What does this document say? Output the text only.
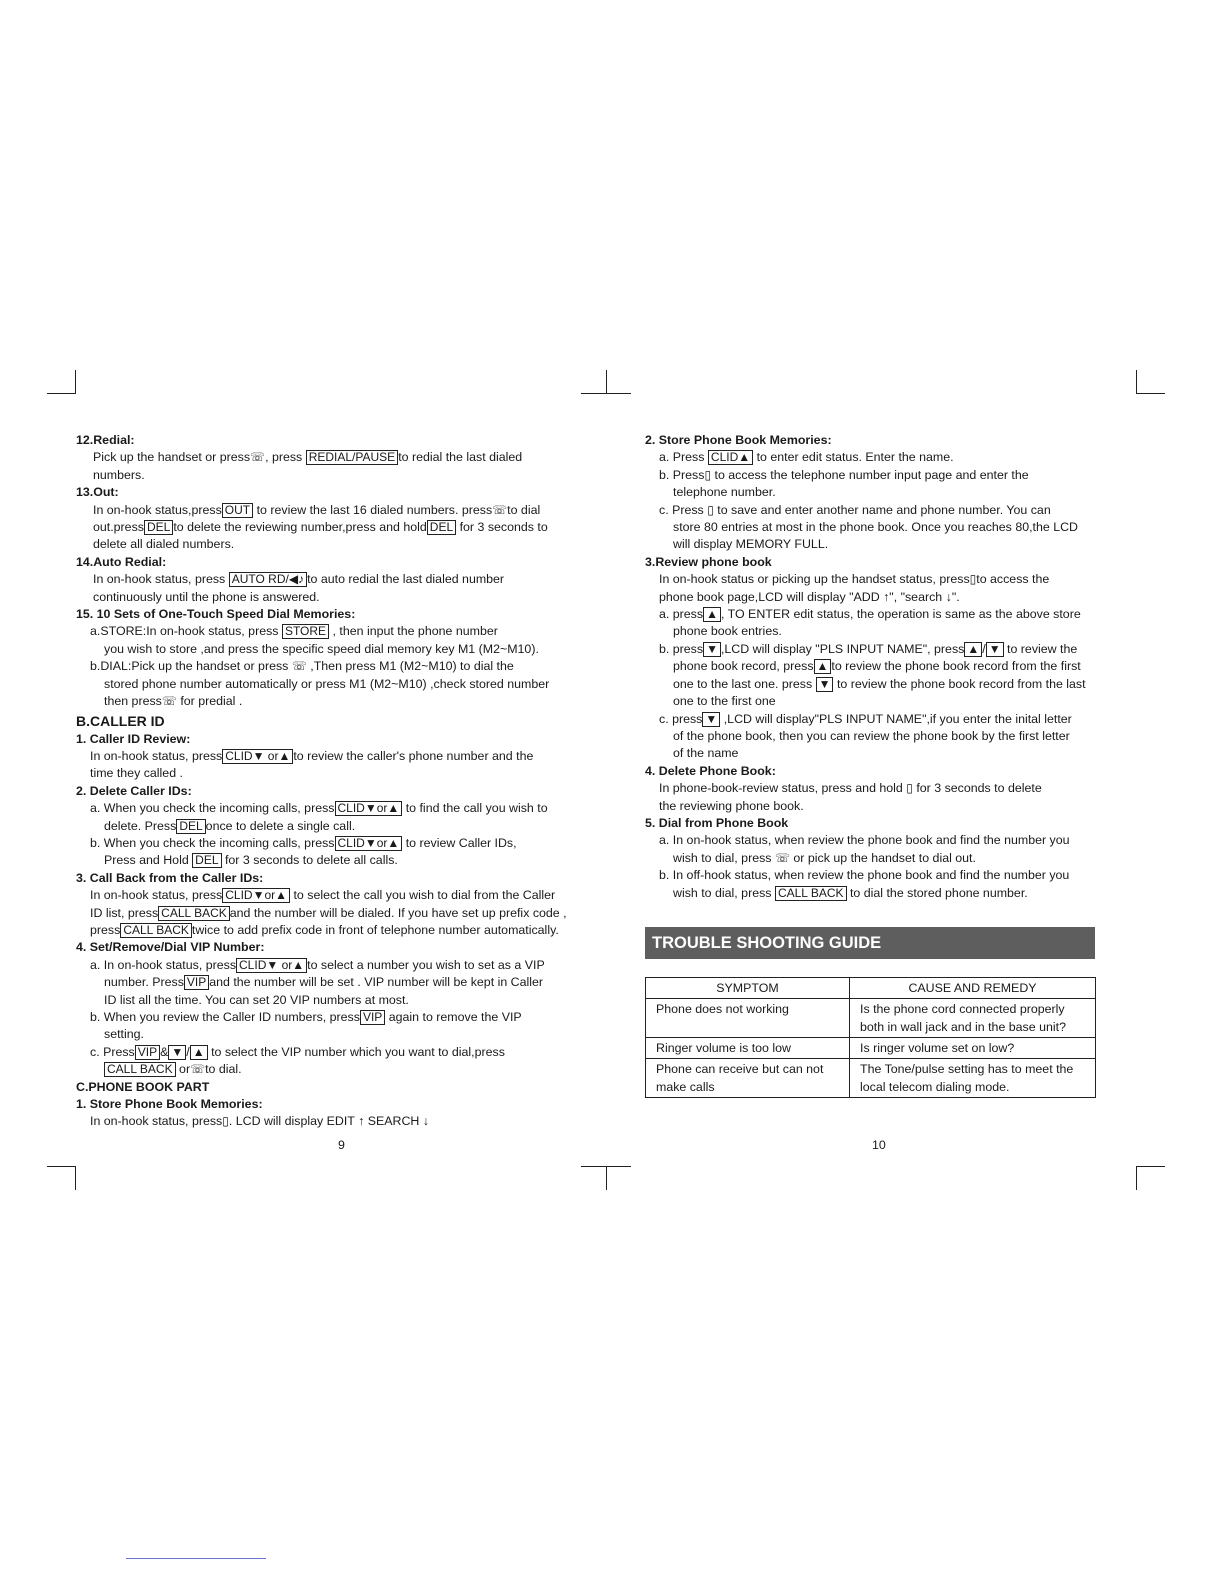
12.Redial:

Pick up the handset or press☏, press REDIAL/PAUSE to redial the last dialed

numbers.

13.Out:

In on-hook status,press OUT to review the last 16 dialed numbers. press☏to dial

out.press DEL to delete the reviewing number,press and hold DEL for 3 seconds to

delete all dialed numbers.

14.Auto Redial:

In on-hook status, press AUTO RD/◀♪ to auto redial the last dialed number

continuously until the phone is answered.

15. 10 Sets of One-Touch Speed Dial Memories:

a.STORE:In on-hook status, press STORE , then input the phone number

you wish to store ,and press the specific speed dial memory key M1 (M2~M10).

b.DIAL:Pick up the handset or press ☏ ,Then press M1 (M2~M10) to dial the

stored phone number automatically or press M1 (M2~M10) ,check stored number

then press☏ for predial .

B.CALLER ID

1. Caller ID Review:

In on-hook status, press CLID▼ or▲ to review the caller's phone number and the

time they called .

2. Delete Caller IDs:

a. When you check the incoming calls, press CLID▼or▲ to find the call you wish to

delete. Press DEL once to delete a single call.

b. When you check the incoming calls, press CLID▼or▲ to review Caller IDs,

Press and Hold DEL for 3 seconds to delete all calls.

3. Call Back from the Caller IDs:

In on-hook status, press CLID▼or▲ to select the call you wish to dial from the Caller

ID list, press CALL BACK and the number will be dialed. If you have set up prefix code ,

press CALL BACK twice to add prefix code in front of telephone number automatically.

4. Set/Remove/Dial VIP Number:

a. In on-hook status, press CLID▼ or▲ to select a number you wish to set as a VIP

number. Press VIP and the number will be set . VIP number will be kept in Caller

ID list all the time. You can set 20 VIP numbers at most.

b. When you review the Caller ID numbers, press VIP again to remove the VIP

setting.

c. Press VIP & ▼ / ▲ to select the VIP number which you want to dial,press

CALL BACK or☏to dial.

C.PHONE BOOK PART

1. Store Phone Book Memories:

In on-hook status, press▯. LCD will display EDIT ↑ SEARCH ↓

9

2. Store Phone Book Memories:

a. Press CLID▲ to enter edit status. Enter the name.

b. Press▯ to access the telephone number input page and enter the

telephone number.

c. Press ▯ to save and enter another name and phone number. You can

store 80 entries at most in the phone book. Once you reaches 80,the LCD

will display MEMORY FULL.

3.Review phone book

In on-hook status or picking up the handset status, press▯to access the

phone book page,LCD will display "ADD ↑", "search ↓".

a. press ▲ , TO ENTER edit status, the operation is same as the above store

phone book entries.

b. press ▼ ,LCD will display "PLS INPUT NAME", press ▲ / ▼ to review the

phone book record, press ▲ to review the phone book record from the first

one to the last one. press ▼ to review the phone book record from the last

one to the first one

c. press ▼ ,LCD will display"PLS INPUT NAME",if you enter the inital letter

of the phone book, then you can review the phone book by the first letter

of the name

4. Delete Phone Book:

In phone-book-review status, press and hold ▯ for 3 seconds to delete

the reviewing phone book.

5. Dial from Phone Book

a. In on-hook status, when review the phone book and find the number you

wish to dial, press ☏ or pick up the handset to dial out.

b. In off-hook status, when review the phone book and find the number you

wish to dial, press CALL BACK to dial the stored phone number.

TROUBLE SHOOTING GUIDE
SYMPTOM	CAUSE AND REMEDY
Phone does not working	Is the phone cord connected properly both in wall jack and in the base unit?
Ringer volume is too low	Is ringer volume set on low?
Phone can receive but can not make calls	The Tone/pulse setting has to meet the local telecom dialing mode.
10
